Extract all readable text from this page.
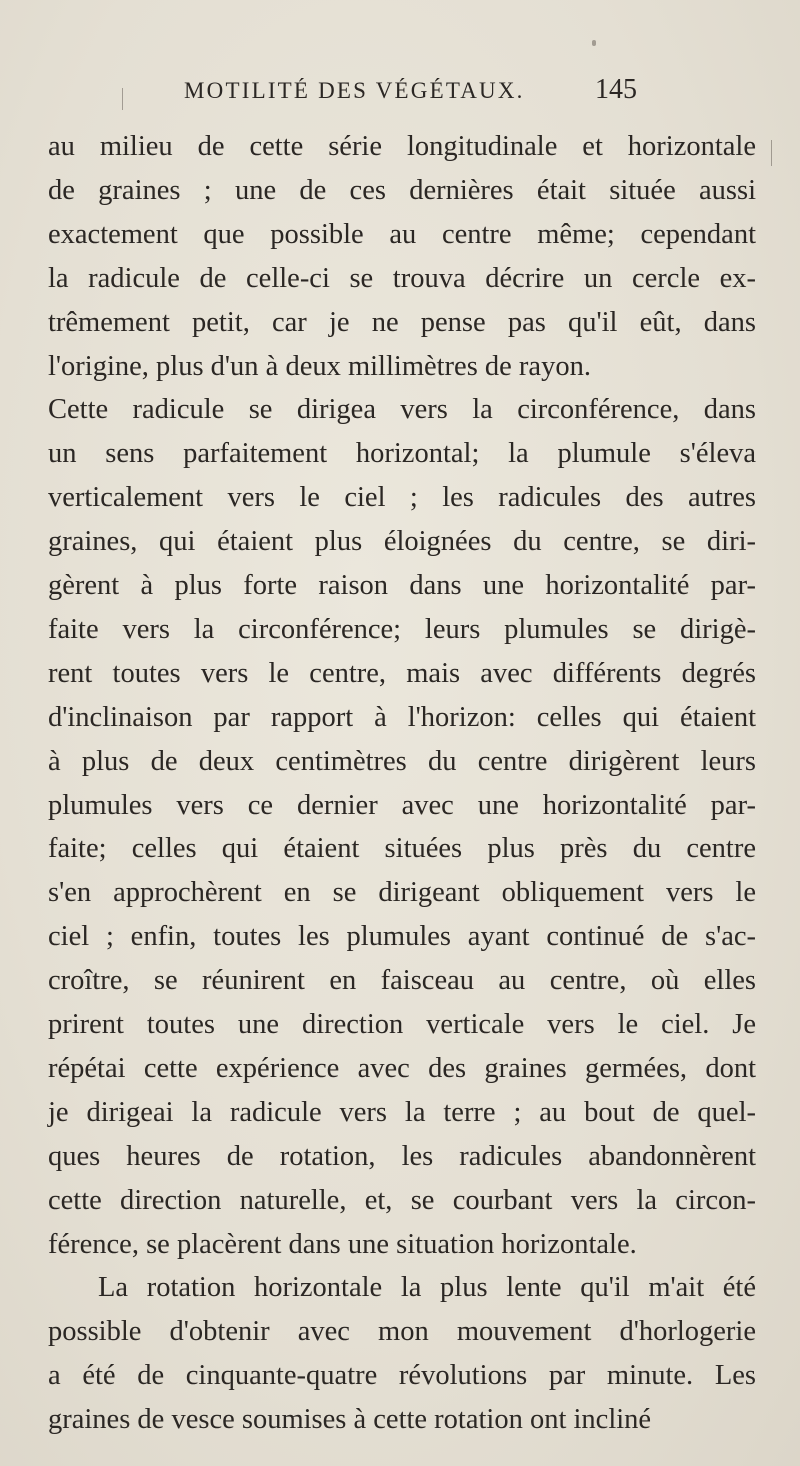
MOTILITÉ DES VÉGÉTAUX.	145
au milieu de cette série longitudinale et horizontale
de graines ; une de ces dernières était située aussi
exactement que possible au centre même; cependant
la radicule de celle-ci se trouva décrire un cercle ex-
trêmement petit, car je ne pense pas qu'il eût, dans
l'origine, plus d'un à deux millimètres de rayon.
Cette radicule se dirigea vers la circonférence, dans
un sens parfaitement horizontal; la plumule s'éleva
verticalement vers le ciel ; les radicules des autres
graines, qui étaient plus éloignées du centre, se diri-
gèrent à plus forte raison dans une horizontalité par-
faite vers la circonférence; leurs plumules se dirigè-
rent toutes vers le centre, mais avec différents degrés
d'inclinaison par rapport à l'horizon: celles qui étaient
à plus de deux centimètres du centre dirigèrent leurs
plumules vers ce dernier avec une horizontalité par-
faite; celles qui étaient situées plus près du centre
s'en approchèrent en se dirigeant obliquement vers le
ciel ; enfin, toutes les plumules ayant continué de s'ac-
croître, se réunirent en faisceau au centre, où elles
prirent toutes une direction verticale vers le ciel. Je
répétai cette expérience avec des graines germées, dont
je dirigeai la radicule vers la terre ; au bout de quel-
ques heures de rotation, les radicules abandonnèrent
cette direction naturelle, et, se courbant vers la circon-
férence, se placèrent dans une situation horizontale.
La rotation horizontale la plus lente qu'il m'ait été
possible d'obtenir avec mon mouvement d'horlogerie
a été de cinquante-quatre révolutions par minute. Les
graines de vesce soumises à cette rotation ont incliné
